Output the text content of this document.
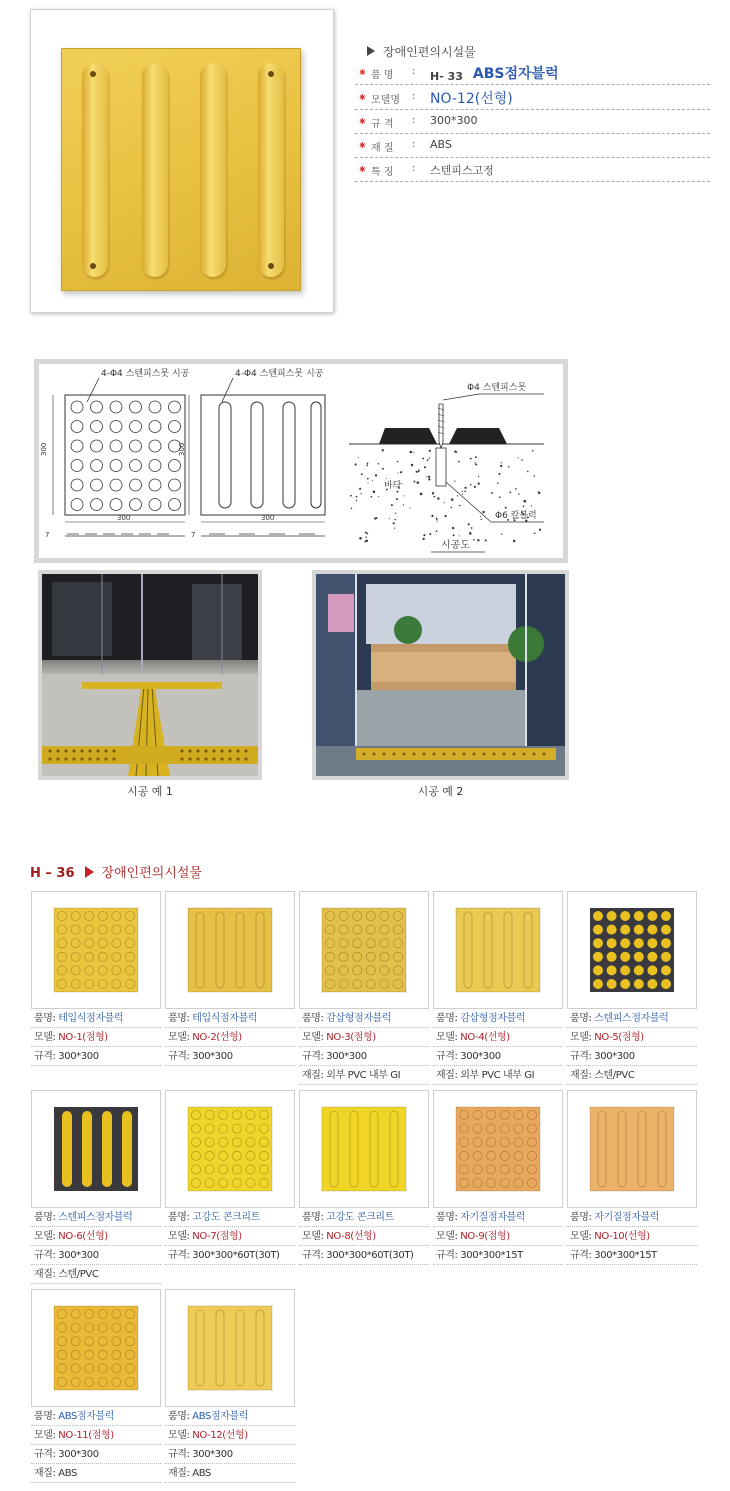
장애인편의시설물
✱ 품 명 : H- 33 ABS점자블럭
✱ 모델명 : NO-12(선형)
✱ 규 격 : 300*300
✱ 재 질 : ABS
✱ 특 징 : 스텐피스고정
4-Φ4 스텐피스못 시공	4-Φ4 스텐피스못 시공
300	300
300	300
7	7
Φ4 스텐피스못
바닥
Φ6 칼블럭
시공도
시공 예 1	시공 예 2
H – 36 장애인편의시설물
품명: 테입식점자블럭
모델: NO-1(점형)
규격: 300*300
품명: 테입식점자블럭
모델: NO-2(선형)
규격: 300*300
품명: 감삽형점자블럭
모델: NO-3(점형)
규격: 300*300
재질: 외부 PVC 내부 GI
품명: 감삽형점자블럭
모델: NO-4(선형)
규격: 300*300
재질: 외부 PVC 내부 GI
품명: 스텐피스점자블럭
모델: NO-5(점형)
규격: 300*300
재질: 스텐/PVC
품명: 스텐피스점자블럭
모델: NO-6(선형)
규격: 300*300
재질: 스텐/PVC
품명: 고강도 콘크리트
모델: NO-7(점형)
규격: 300*300*60T(30T)
품명: 고강도 콘크리트
모델: NO-8(선형)
규격: 300*300*60T(30T)
품명: 자기질점자블럭
모델: NO-9(점형)
규격: 300*300*15T
품명: 자기질점자블럭
모델: NO-10(선형)
규격: 300*300*15T
품명: ABS점자블럭
모델: NO-11(점형)
규격: 300*300
재질: ABS
품명: ABS점자블럭
모델: NO-12(선형)
규격: 300*300
재질: ABS
